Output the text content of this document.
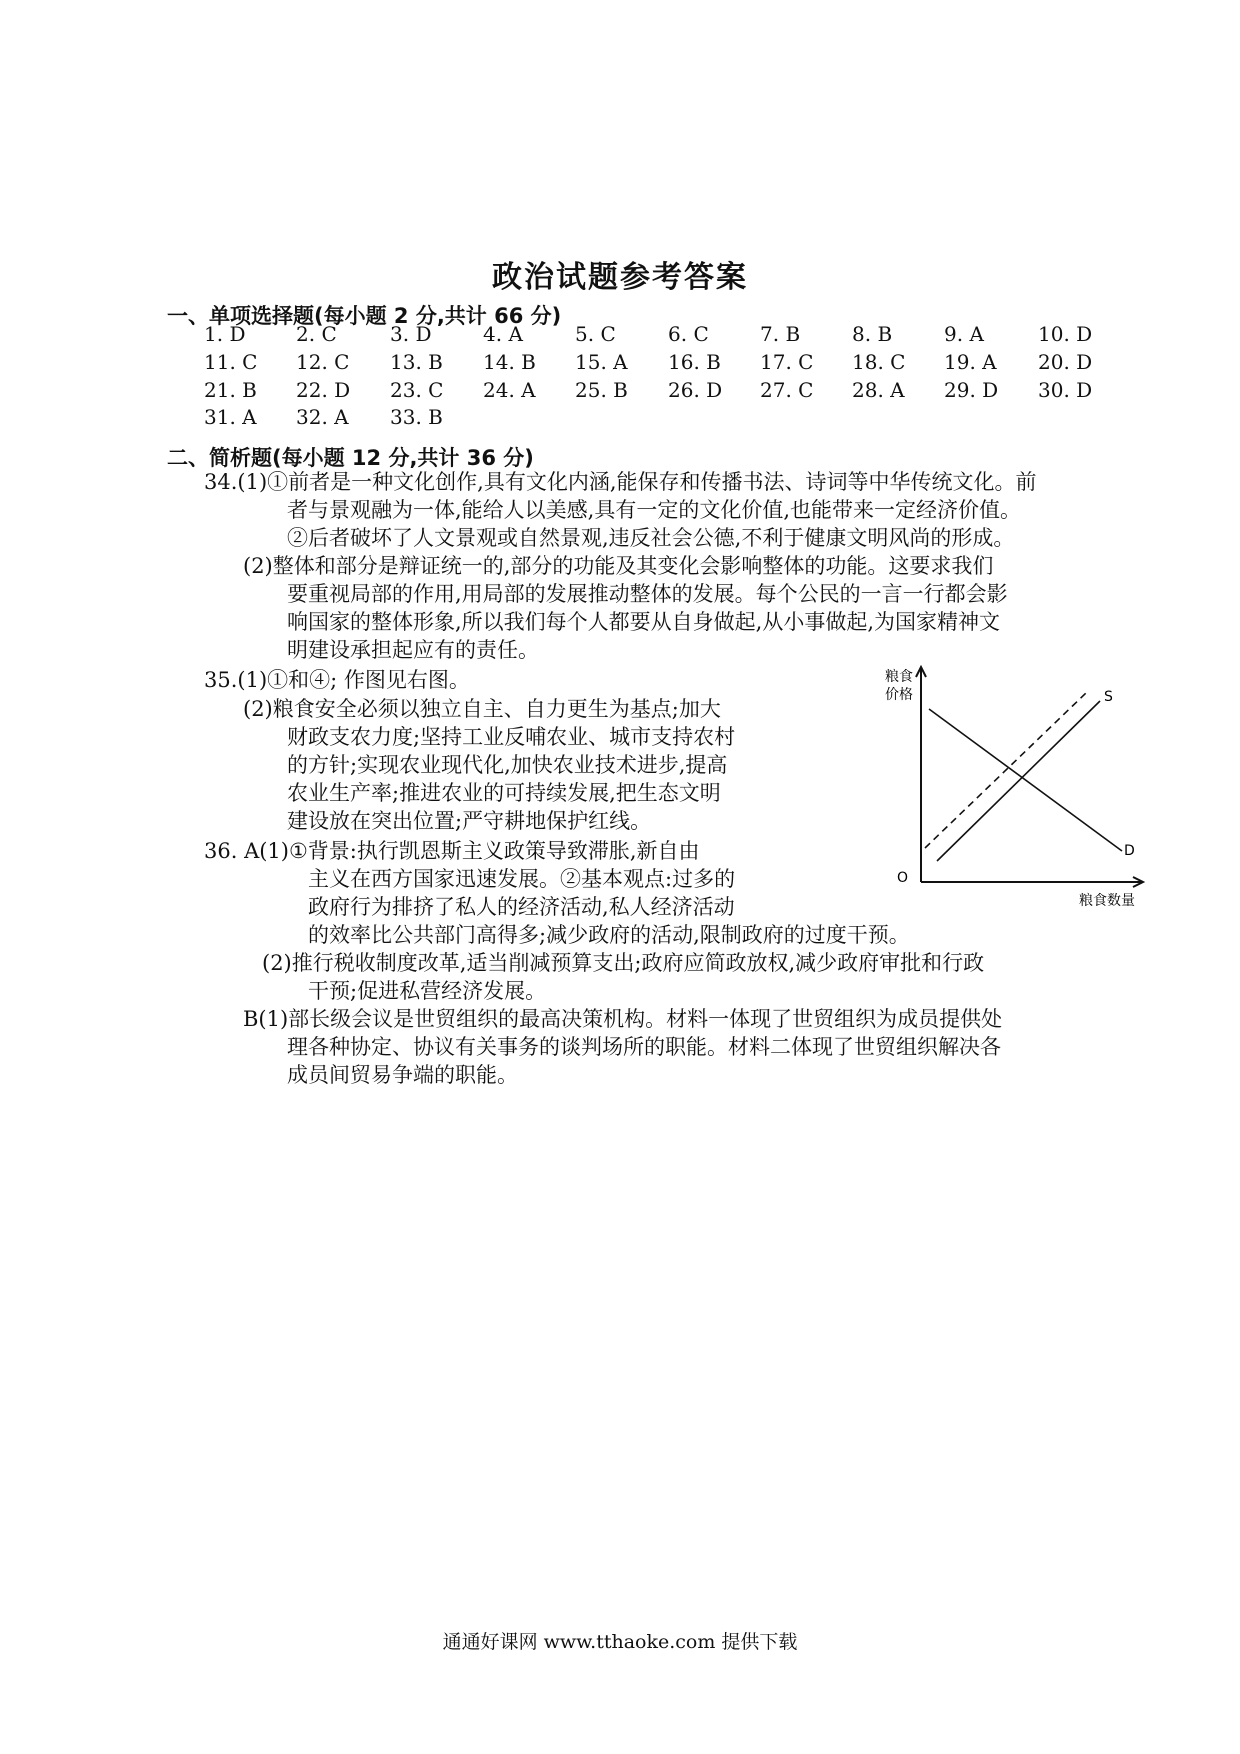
政治试题参考答案
一、单项选择题(每小题 2 分,共计 66 分)
1. D	2. C	3. D	4. A	5. C	6. C	7. B	8. B	9. A	10. D
11. C 12. C 13. B 14. B 15. A 16. B 17. C 18. C 19. A 20. D
21. B 22. D 23. C 24. A 25. B 26. D 27. C 28. A 29. D 30. D
31. A 32. A 33. B
二、简析题(每小题 12 分,共计 36 分)
34.(1)①前者是一种文化创作,具有文化内涵,能保存和传播书法、诗词等中华传统文化。前
者与景观融为一体,能给人以美感,具有一定的文化价值,也能带来一定经济价值。
②后者破坏了人文景观或自然景观,违反社会公德,不利于健康文明风尚的形成。
(2)整体和部分是辩证统一的,部分的功能及其变化会影响整体的功能。这要求我们
要重视局部的作用,用局部的发展推动整体的发展。每个公民的一言一行都会影
响国家的整体形象,所以我们每个人都要从自身做起,从小事做起,为国家精神文
明建设承担起应有的责任。
35.(1)①和④; 作图见右图。
(2)粮食安全必须以独立自主、自力更生为基点;加大
财政支农力度;坚持工业反哺农业、城市支持农村
的方针;实现农业现代化,加快农业技术进步,提高
农业生产率;推进农业的可持续发展,把生态文明
建设放在突出位置;严守耕地保护红线。
36. A(1)①背景:执行凯恩斯主义政策导致滞胀,新自由
主义在西方国家迅速发展。②基本观点:过多的
政府行为排挤了私人的经济活动,私人经济活动
的效率比公共部门高得多;减少政府的活动,限制政府的过度干预。
(2)推行税收制度改革,适当削减预算支出;政府应简政放权,减少政府审批和行政
干预;促进私营经济发展。
B(1)部长级会议是世贸组织的最高决策机构。材料一体现了世贸组织为成员提供处
理各种协定、协议有关事务的谈判场所的职能。材料二体现了世贸组织解决各
成员间贸易争端的职能。
粮食
价格
粮食数量
O
S
D
通通好课网 www.tthaoke.com 提供下载
